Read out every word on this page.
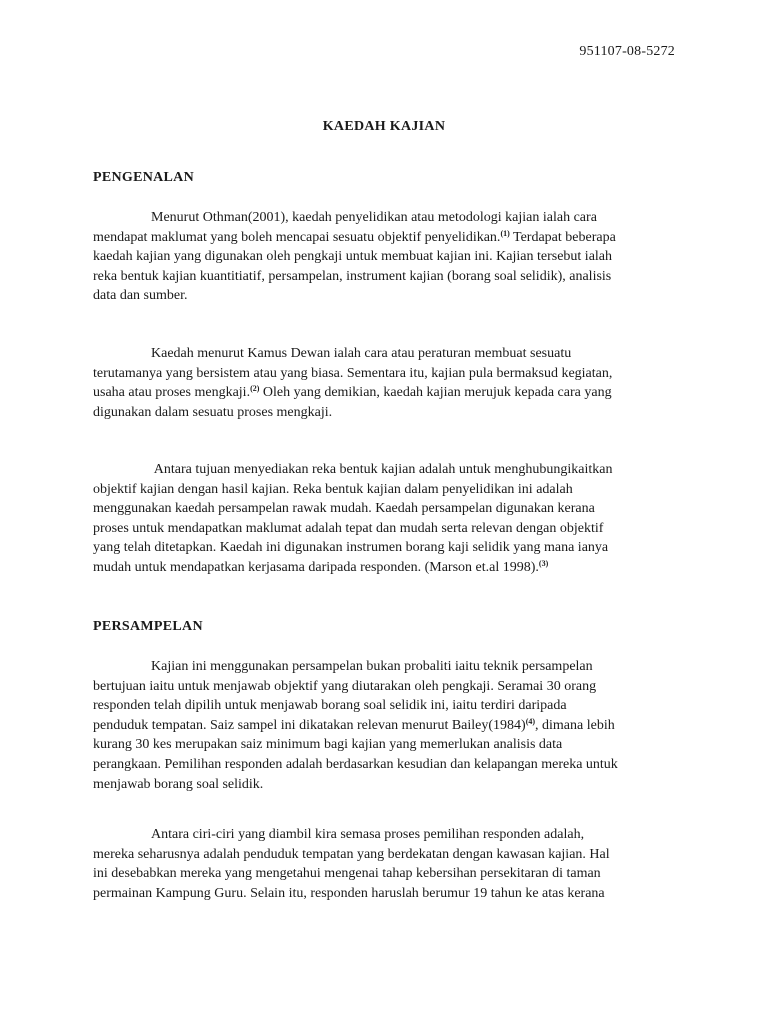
951107-08-5272
KAEDAH KAJIAN
PENGENALAN
Menurut Othman(2001), kaedah penyelidikan atau metodologi kajian ialah cara
mendapat maklumat yang boleh mencapai sesuatu objektif penyelidikan.$^{(1)}$ Terdapat beberapa
kaedah kajian yang digunakan oleh pengkaji untuk membuat kajian ini. Kajian tersebut ialah
reka bentuk kajian kuantitiatif, persampelan, instrument kajian (borang soal selidik), analisis
data dan sumber.
Kaedah menurut Kamus Dewan ialah cara atau peraturan membuat sesuatu
terutamanya yang bersistem atau yang biasa. Sementara itu, kajian pula bermaksud kegiatan,
usaha atau proses mengkaji.$^{(2)}$ Oleh yang demikian, kaedah kajian merujuk kepada cara yang
digunakan dalam sesuatu proses mengkaji.
Antara tujuan menyediakan reka bentuk kajian adalah untuk menghubungikaitkan
objektif kajian dengan hasil kajian. Reka bentuk kajian dalam penyelidikan ini adalah
menggunakan kaedah persampelan rawak mudah. Kaedah persampelan digunakan kerana
proses untuk mendapatkan maklumat adalah tepat dan mudah serta relevan dengan objektif
yang telah ditetapkan. Kaedah ini digunakan instrumen borang kaji selidik yang mana ianya
mudah untuk mendapatkan kerjasama daripada responden. (Marson et.al 1998).$^{(3)}$
PERSAMPELAN
Kajian ini menggunakan persampelan bukan probaliti iaitu teknik persampelan
bertujuan iaitu untuk menjawab objektif yang diutarakan oleh pengkaji. Seramai 30 orang
responden telah dipilih untuk menjawab borang soal selidik ini, iaitu terdiri daripada
penduduk tempatan. Saiz sampel ini dikatakan relevan menurut $Bailey(1984)^{(4)}$, dimana lebih
kurang 30 kes merupakan saiz minimum bagi kajian yang memerlukan analisis data
perangkaan. Pemilihan responden adalah berdasarkan kesudian dan kelapangan mereka untuk
menjawab borang soal selidik.
Antara ciri-ciri yang diambil kira semasa proses pemilihan responden adalah,
mereka seharusnya adalah penduduk tempatan yang berdekatan dengan kawasan kajian. Hal
ini desebabkan mereka yang mengetahui mengenai tahap kebersihan persekitaran di taman
permainan Kampung Guru. Selain itu, responden haruslah berumur 19 tahun ke atas kerana
